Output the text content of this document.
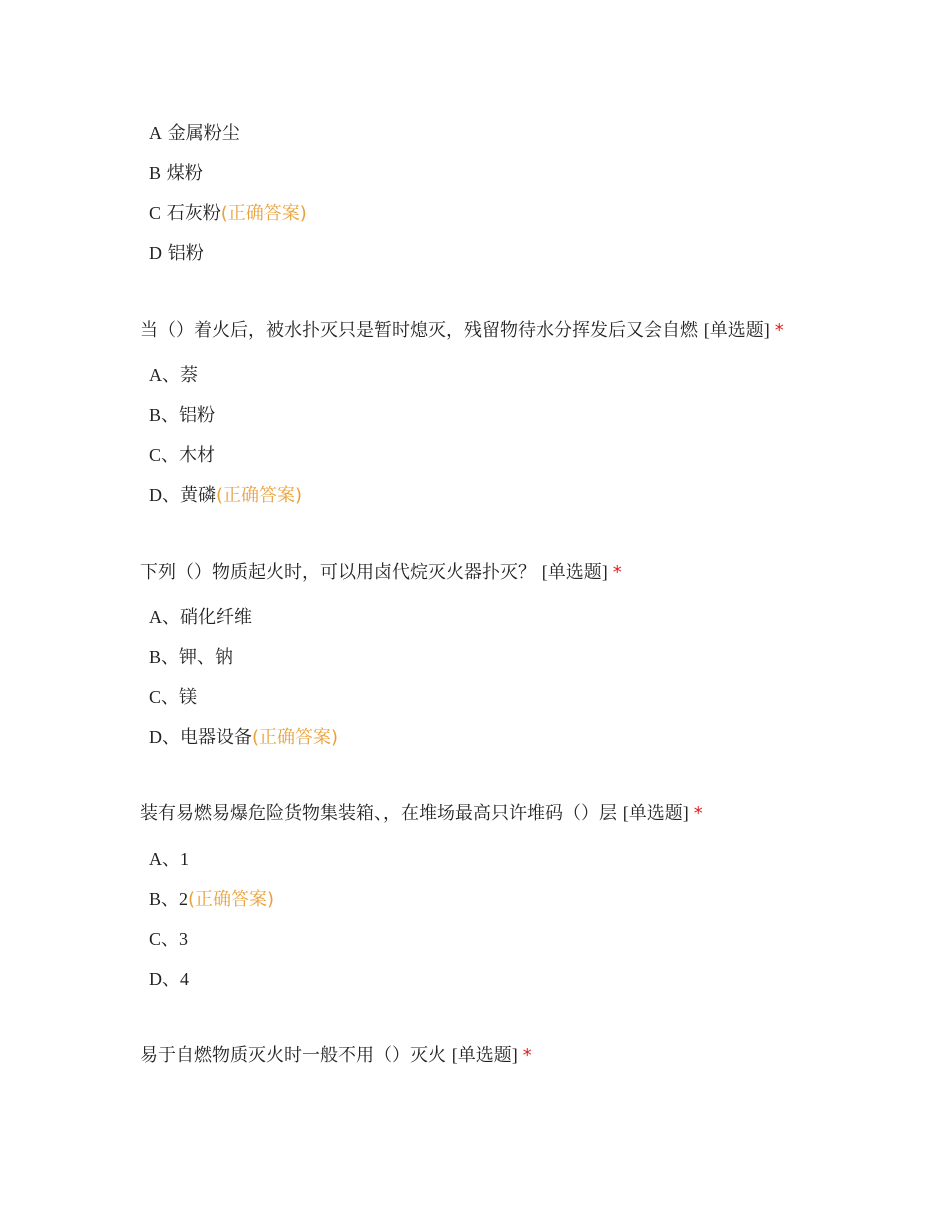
A 金属粉尘
B 煤粉
C 石灰粉(正确答案)
D 铝粉
当（）着火后，被水扑灭只是暂时熄灭，残留物待水分挥发后又会自燃 [单选题] *
A、萘
B、铝粉
C、木材
D、黄磷(正确答案)
下列（）物质起火时，可以用卤代烷灭火器扑灭？ [单选题] *
A、硝化纤维
B、钾、钠
C、镁
D、电器设备(正确答案)
装有易燃易爆危险货物集装箱、，在堆场最高只许堆码（）层 [单选题] *
A、1
B、2(正确答案)
C、3
D、4
易于自燃物质灭火时一般不用（）灭火 [单选题] *
